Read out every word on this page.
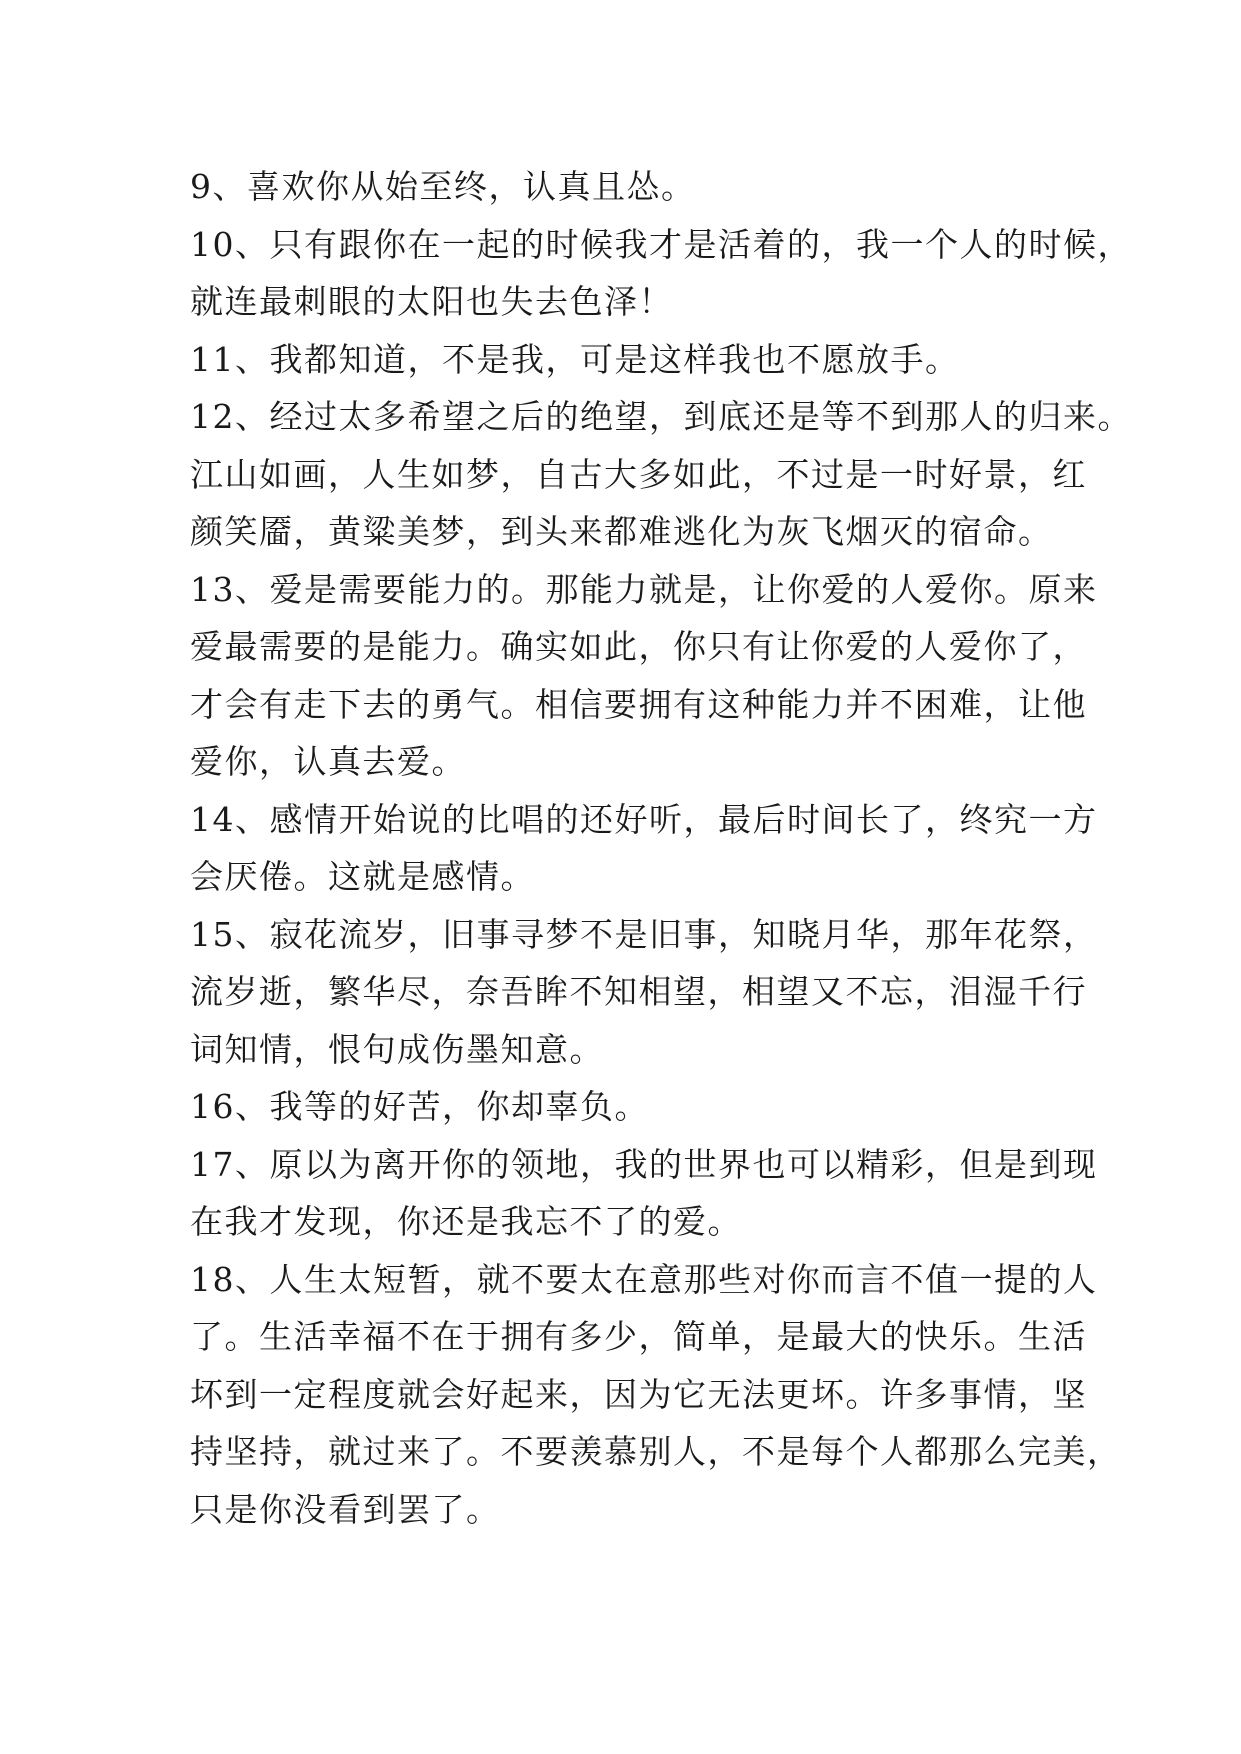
9、喜欢你从始至终，认真且怂。
10、只有跟你在一起的时候我才是活着的，我一个人的时候，
就连最刺眼的太阳也失去色泽！
11、我都知道，不是我，可是这样我也不愿放手。
12、经过太多希望之后的绝望，到底还是等不到那人的归来。
江山如画，人生如梦，自古大多如此，不过是一时好景，红
颜笑靥，黄粱美梦，到头来都难逃化为灰飞烟灭的宿命。
13、爱是需要能力的。那能力就是，让你爱的人爱你。原来
爱最需要的是能力。确实如此，你只有让你爱的人爱你了，
才会有走下去的勇气。相信要拥有这种能力并不困难，让他
爱你，认真去爱。
14、感情开始说的比唱的还好听，最后时间长了，终究一方
会厌倦。这就是感情。
15、寂花流岁，旧事寻梦不是旧事，知晓月华，那年花祭，
流岁逝，繁华尽，奈吾眸不知相望，相望又不忘，泪湿千行
词知情，恨句成伤墨知意。
16、我等的好苦，你却辜负。
17、原以为离开你的领地，我的世界也可以精彩，但是到现
在我才发现，你还是我忘不了的爱。
18、人生太短暂，就不要太在意那些对你而言不值一提的人
了。生活幸福不在于拥有多少，简单，是最大的快乐。生活
坏到一定程度就会好起来，因为它无法更坏。许多事情，坚
持坚持，就过来了。不要羡慕别人，不是每个人都那么完美，
只是你没看到罢了。
